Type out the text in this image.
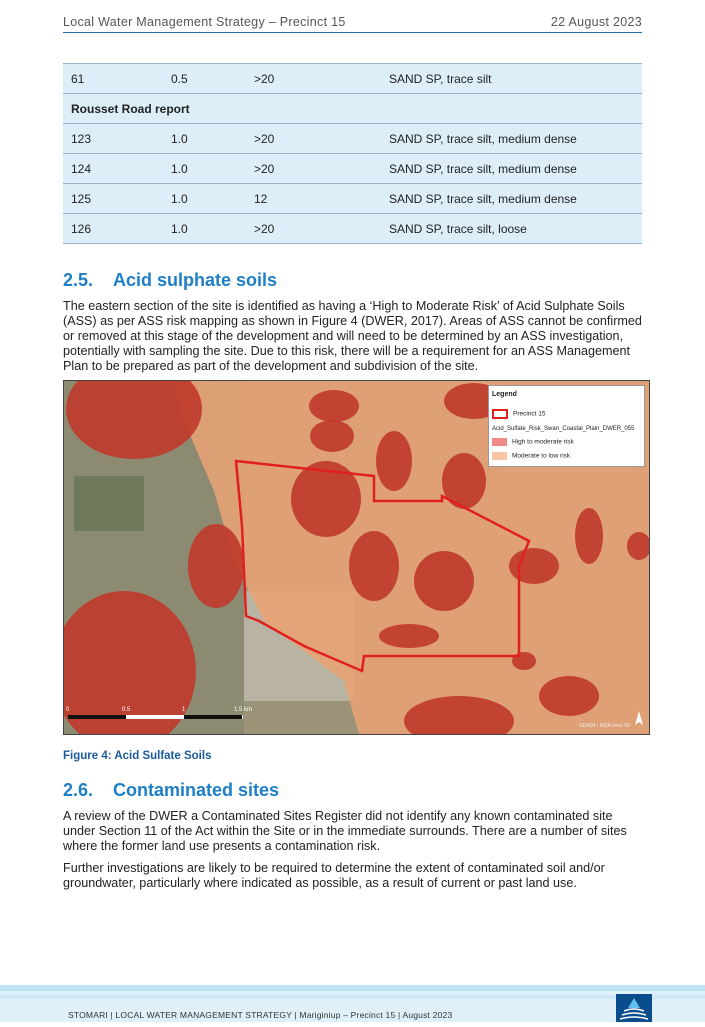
Local Water Management Strategy – Precinct 15	22 August 2023
61	0.5	>20	SAND SP, trace silt
Rousset Road report			
123	1.0	>20	SAND SP, trace silt, medium dense
124	1.0	>20	SAND SP, trace silt, medium dense
125	1.0	12	SAND SP, trace silt, medium dense
126	1.0	>20	SAND SP, trace silt, loose
2.5. Acid sulphate soils

The eastern section of the site is identified as having a ‘High to Moderate Risk’ of Acid Sulphate Soils (ASS) as per ASS risk mapping as shown in Figure 4 (DWER, 2017). Areas of ASS cannot be confirmed or removed at this stage of the development and will need to be determined by an ASS investigation, potentially with sampling the site. Due to this risk, there will be a requirement for an ASS Management Plan to be prepared as part of the development and subdivision of the site.

0	0.5	1	1.5 km
GDA94 / MGA zone 50
Legend
Precinct 15
Acid_Sulfate_Risk_Swan_Coastal_Plain_DWER_055
High to moderate risk
Moderate to low risk
Figure 4: Acid Sulfate Soils
2.6. Contaminated sites

A review of the DWER a Contaminated Sites Register did not identify any known contaminated site under Section 11 of the Act within the Site or in the immediate surrounds. There are a number of sites where the former land use presents a contamination risk.

Further investigations are likely to be required to determine the extent of contaminated soil and/or groundwater, particularly where indicated as possible, as a result of current or past land use.

STOMARI | LOCAL WATER MANAGEMENT STRATEGY | Mariginiup – Precinct 15 | August 2023
